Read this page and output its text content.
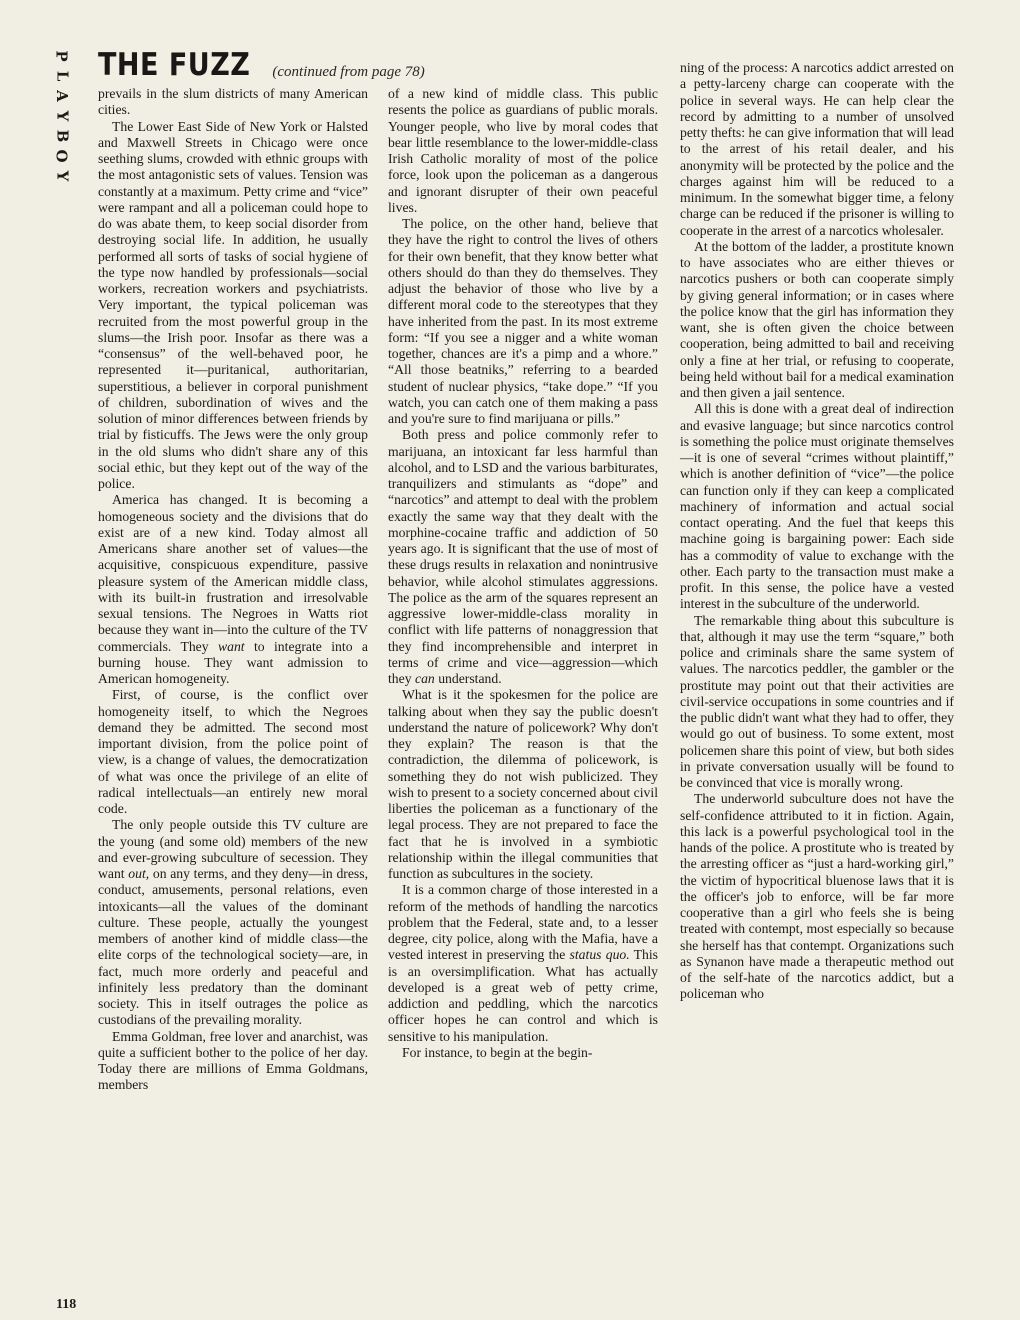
P
L
A
Y
B
O
Y
THE FUZZ (continued from page 78)

prevails in the slum districts of many American cities.

The Lower East Side of New York or Halsted and Maxwell Streets in Chicago were once seething slums, crowded with ethnic groups with the most antagonistic sets of values. Tension was constantly at a maximum. Petty crime and “vice” were rampant and all a policeman could hope to do was abate them, to keep social disorder from destroying social life. In addition, he usually performed all sorts of tasks of social hygiene of the type now handled by professionals—social workers, recreation workers and psychiatrists. Very important, the typical policeman was recruited from the most powerful group in the slums—the Irish poor. Insofar as there was a “consensus” of the well-behaved poor, he represented it—puritanical, authoritarian, superstitious, a believer in corporal punishment of children, subordination of wives and the solution of minor differences between friends by trial by fisticuffs. The Jews were the only group in the old slums who didn't share any of this social ethic, but they kept out of the way of the police.

America has changed. It is becoming a homogeneous society and the divisions that do exist are of a new kind. Today almost all Americans share another set of values—the acquisitive, conspicuous expenditure, passive pleasure system of the American middle class, with its built-in frustration and irresolvable sexual tensions. The Negroes in Watts riot because they want in—into the culture of the TV commercials. They want to integrate into a burning house. They want admission to American homogeneity.

First, of course, is the conflict over homogeneity itself, to which the Negroes demand they be admitted. The second most important division, from the police point of view, is a change of values, the democratization of what was once the privilege of an elite of radical intellectuals—an entirely new moral code.

The only people outside this TV culture are the young (and some old) members of the new and ever-growing subculture of secession. They want out, on any terms, and they deny—in dress, conduct, amusements, personal relations, even intoxicants—all the values of the dominant culture. These people, actually the youngest members of another kind of middle class—the elite corps of the technological society—are, in fact, much more orderly and peaceful and infinitely less predatory than the dominant society. This in itself outrages the police as custodians of the prevailing morality.

Emma Goldman, free lover and anarchist, was quite a sufficient bother to the police of her day. Today there are millions of Emma Goldmans, members

of a new kind of middle class. This public resents the police as guardians of public morals. Younger people, who live by moral codes that bear little resemblance to the lower-middle-class Irish Catholic morality of most of the police force, look upon the policeman as a dangerous and ignorant disrupter of their own peaceful lives.

The police, on the other hand, believe that they have the right to control the lives of others for their own benefit, that they know better what others should do than they do themselves. They adjust the behavior of those who live by a different moral code to the stereotypes that they have inherited from the past. In its most extreme form: “If you see a nigger and a white woman together, chances are it's a pimp and a whore.” “All those beatniks,” referring to a bearded student of nuclear physics, “take dope.” “If you watch, you can catch one of them making a pass and you're sure to find marijuana or pills.”

Both press and police commonly refer to marijuana, an intoxicant far less harmful than alcohol, and to LSD and the various barbiturates, tranquilizers and stimulants as “dope” and “narcotics” and attempt to deal with the problem exactly the same way that they dealt with the morphine-cocaine traffic and addiction of 50 years ago. It is significant that the use of most of these drugs results in relaxation and nonintrusive behavior, while alcohol stimulates aggressions. The police as the arm of the squares represent an aggressive lower-middle-class morality in conflict with life patterns of nonaggression that they find incomprehensible and interpret in terms of crime and vice—aggression—which they can understand.

What is it the spokesmen for the police are talking about when they say the public doesn't understand the nature of policework? Why don't they explain? The reason is that the contradiction, the dilemma of policework, is something they do not wish publicized. They wish to present to a society concerned about civil liberties the policeman as a functionary of the legal process. They are not prepared to face the fact that he is involved in a symbiotic relationship within the illegal communities that function as subcultures in the society.

It is a common charge of those interested in a reform of the methods of handling the narcotics problem that the Federal, state and, to a lesser degree, city police, along with the Mafia, have a vested interest in preserving the status quo. This is an oversimplification. What has actually developed is a great web of petty crime, addiction and peddling, which the narcotics officer hopes he can control and which is sensitive to his manipulation.

For instance, to begin at the begin-

ning of the process: A narcotics addict arrested on a petty-larceny charge can cooperate with the police in several ways. He can help clear the record by admitting to a number of unsolved petty thefts: he can give information that will lead to the arrest of his retail dealer, and his anonymity will be protected by the police and the charges against him will be reduced to a minimum. In the somewhat bigger time, a felony charge can be reduced if the prisoner is willing to cooperate in the arrest of a narcotics wholesaler.

At the bottom of the ladder, a prostitute known to have associates who are either thieves or narcotics pushers or both can cooperate simply by giving general information; or in cases where the police know that the girl has information they want, she is often given the choice between cooperation, being admitted to bail and receiving only a fine at her trial, or refusing to cooperate, being held without bail for a medical examination and then given a jail sentence.

All this is done with a great deal of indirection and evasive language; but since narcotics control is something the police must originate themselves—it is one of several “crimes without plaintiff,” which is another definition of “vice”—the police can function only if they can keep a complicated machinery of information and actual social contact operating. And the fuel that keeps this machine going is bargaining power: Each side has a commodity of value to exchange with the other. Each party to the transaction must make a profit. In this sense, the police have a vested interest in the subculture of the underworld.

The remarkable thing about this subculture is that, although it may use the term “square,” both police and criminals share the same system of values. The narcotics peddler, the gambler or the prostitute may point out that their activities are civil-service occupations in some countries and if the public didn't want what they had to offer, they would go out of business. To some extent, most policemen share this point of view, but both sides in private conversation usually will be found to be convinced that vice is morally wrong.

The underworld subculture does not have the self-confidence attributed to it in fiction. Again, this lack is a powerful psychological tool in the hands of the police. A prostitute who is treated by the arresting officer as “just a hard-working girl,” the victim of hypocritical bluenose laws that it is the officer's job to enforce, will be far more cooperative than a girl who feels she is being treated with contempt, most especially so because she herself has that contempt. Organizations such as Synanon have made a therapeutic method out of the self-hate of the narcotics addict, but a policeman who

118
